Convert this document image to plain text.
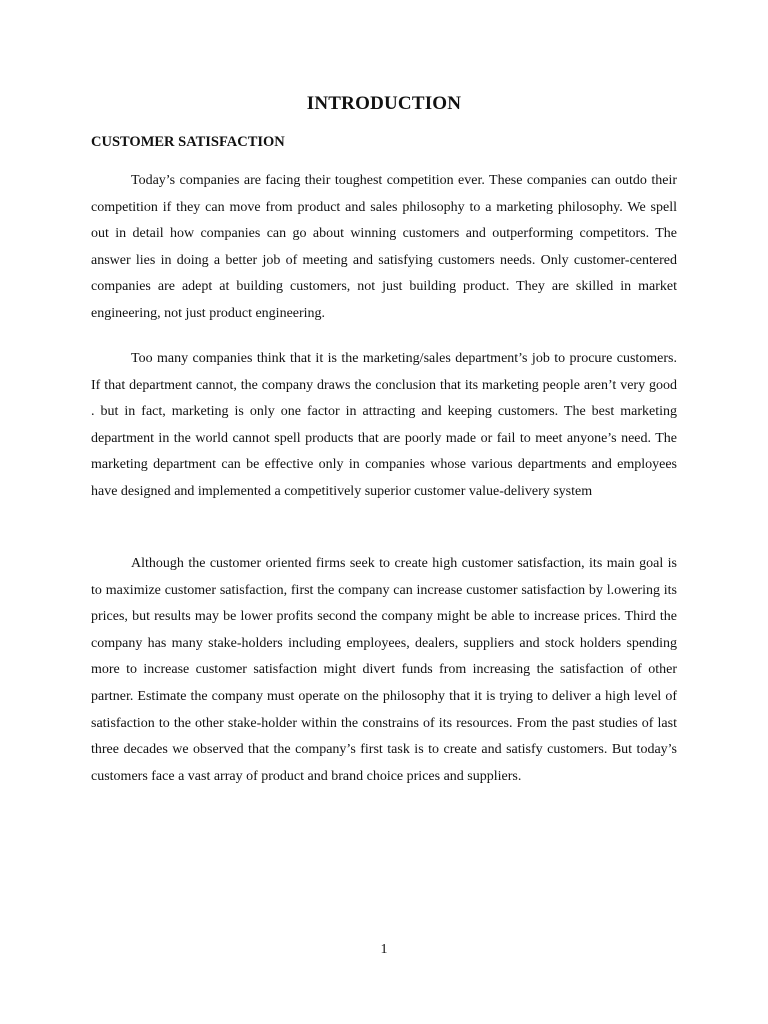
INTRODUCTION
CUSTOMER SATISFACTION

Today’s companies are facing their toughest competition ever. These companies can outdo their competition if they can move from product and sales philosophy to a marketing philosophy. We spell out in detail how companies can go about winning customers and outperforming competitors. The answer lies in doing a better job of meeting and satisfying customers needs. Only customer-centered companies are adept at building customers, not just building product. They are skilled in market engineering, not just product engineering.

Too many companies think that it is the marketing/sales department’s job to procure customers. If that department cannot, the company draws the conclusion that its marketing people aren’t very good . but in fact, marketing is only one factor in attracting and keeping customers. The best marketing department in the world cannot spell products that are poorly made or fail to meet anyone’s need. The marketing department can be effective only in companies whose various departments and employees have designed and implemented a competitively superior customer value-delivery system

Although the customer oriented firms seek to create high customer satisfaction, its main goal is to maximize customer satisfaction, first the company can increase customer satisfaction by l.owering its prices, but results may be lower profits second the company might be able to increase prices. Third the company has many stake-holders including employees, dealers, suppliers and stock holders spending more to increase customer satisfaction might divert funds from increasing the satisfaction of other partner. Estimate the company must operate on the philosophy that it is trying to deliver a high level of satisfaction to the other stake-holder within the constrains of its resources. From the past studies of last three decades we observed that the company’s first task is to create and satisfy customers. But today’s customers face a vast array of product and brand choice prices and suppliers.

1
